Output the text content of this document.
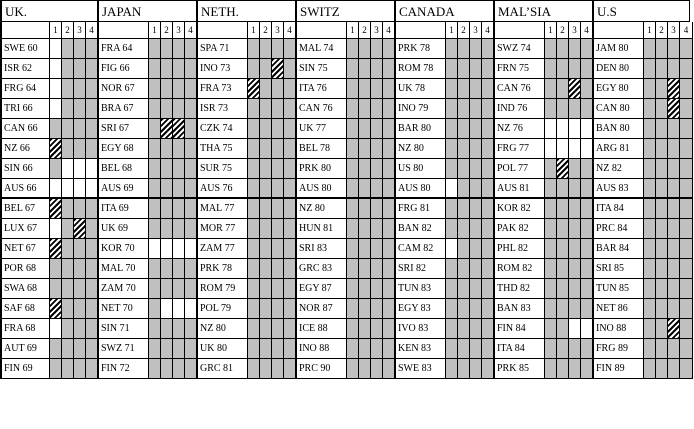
UK.
1 2 3 4
SWE 60
ISR 62
FRG 64
TRI 66
CAN 66
NZ 66
SIN 66
AUS 66
BEL 67
LUX 67
NET 67
POR 68
SWA 68
SAF 68
FRA 68
AUT 69
FIN 69
JAPAN
1 2 3 4
FRA 64
FIG 66
NOR 67
BRA 67
SRI 67
EGY 68
BEL 68
AUS 69
ITA 69
UK 69
KOR 70
MAL 70
ZAM 70
NET 70
SIN 71
SWZ 71
FIN 72
NETH.
1 2 3 4
SPA 71
INO 73
FRA 73
ISR 73
CZK 74
THA 75
SUR 75
AUS 76
MAL 77
MOR 77
ZAM 77
PRK 78
ROM 79
POL 79
NZ 80
UK 80
GRC 81
SWITZ
1 2 3 4
MAL 74
SIN 75
ITA 76
CAN 76
UK 77
BEL 78
PRK 80
AUS 80
NZ 80
HUN 81
SRI 83
GRC 83
EGY 87
NOR 87
ICE 88
INO 88
PRC 90
CANADA
1 2 3 4
PRK 78
ROM 78
UK 78
INO 79
BAR 80
NZ 80
US 80
AUS 80
FRG 81
BAN 82
CAM 82
SRI 82
TUN 83
EGY 83
IVO 83
KEN 83
SWE 83
MAL’SIA
1 2 3 4
SWZ 74
FRN 75
CAN 76
IND 76
NZ 76
FRG 77
POL 77
AUS 81
KOR 82
PAK 82
PHL 82
ROM 82
THD 82
BAN 83
FIN 84
ITA 84
PRK 85
U.S
1 2 3 4
JAM 80
DEN 80
EGY 80
CAN 80
BAN 80
ARG 81
NZ 82
AUS 83
ITA 84
PRC 84
BAR 84
SRI 85
TUN 85
NET 86
INO 88
FRG 89
FIN 89
